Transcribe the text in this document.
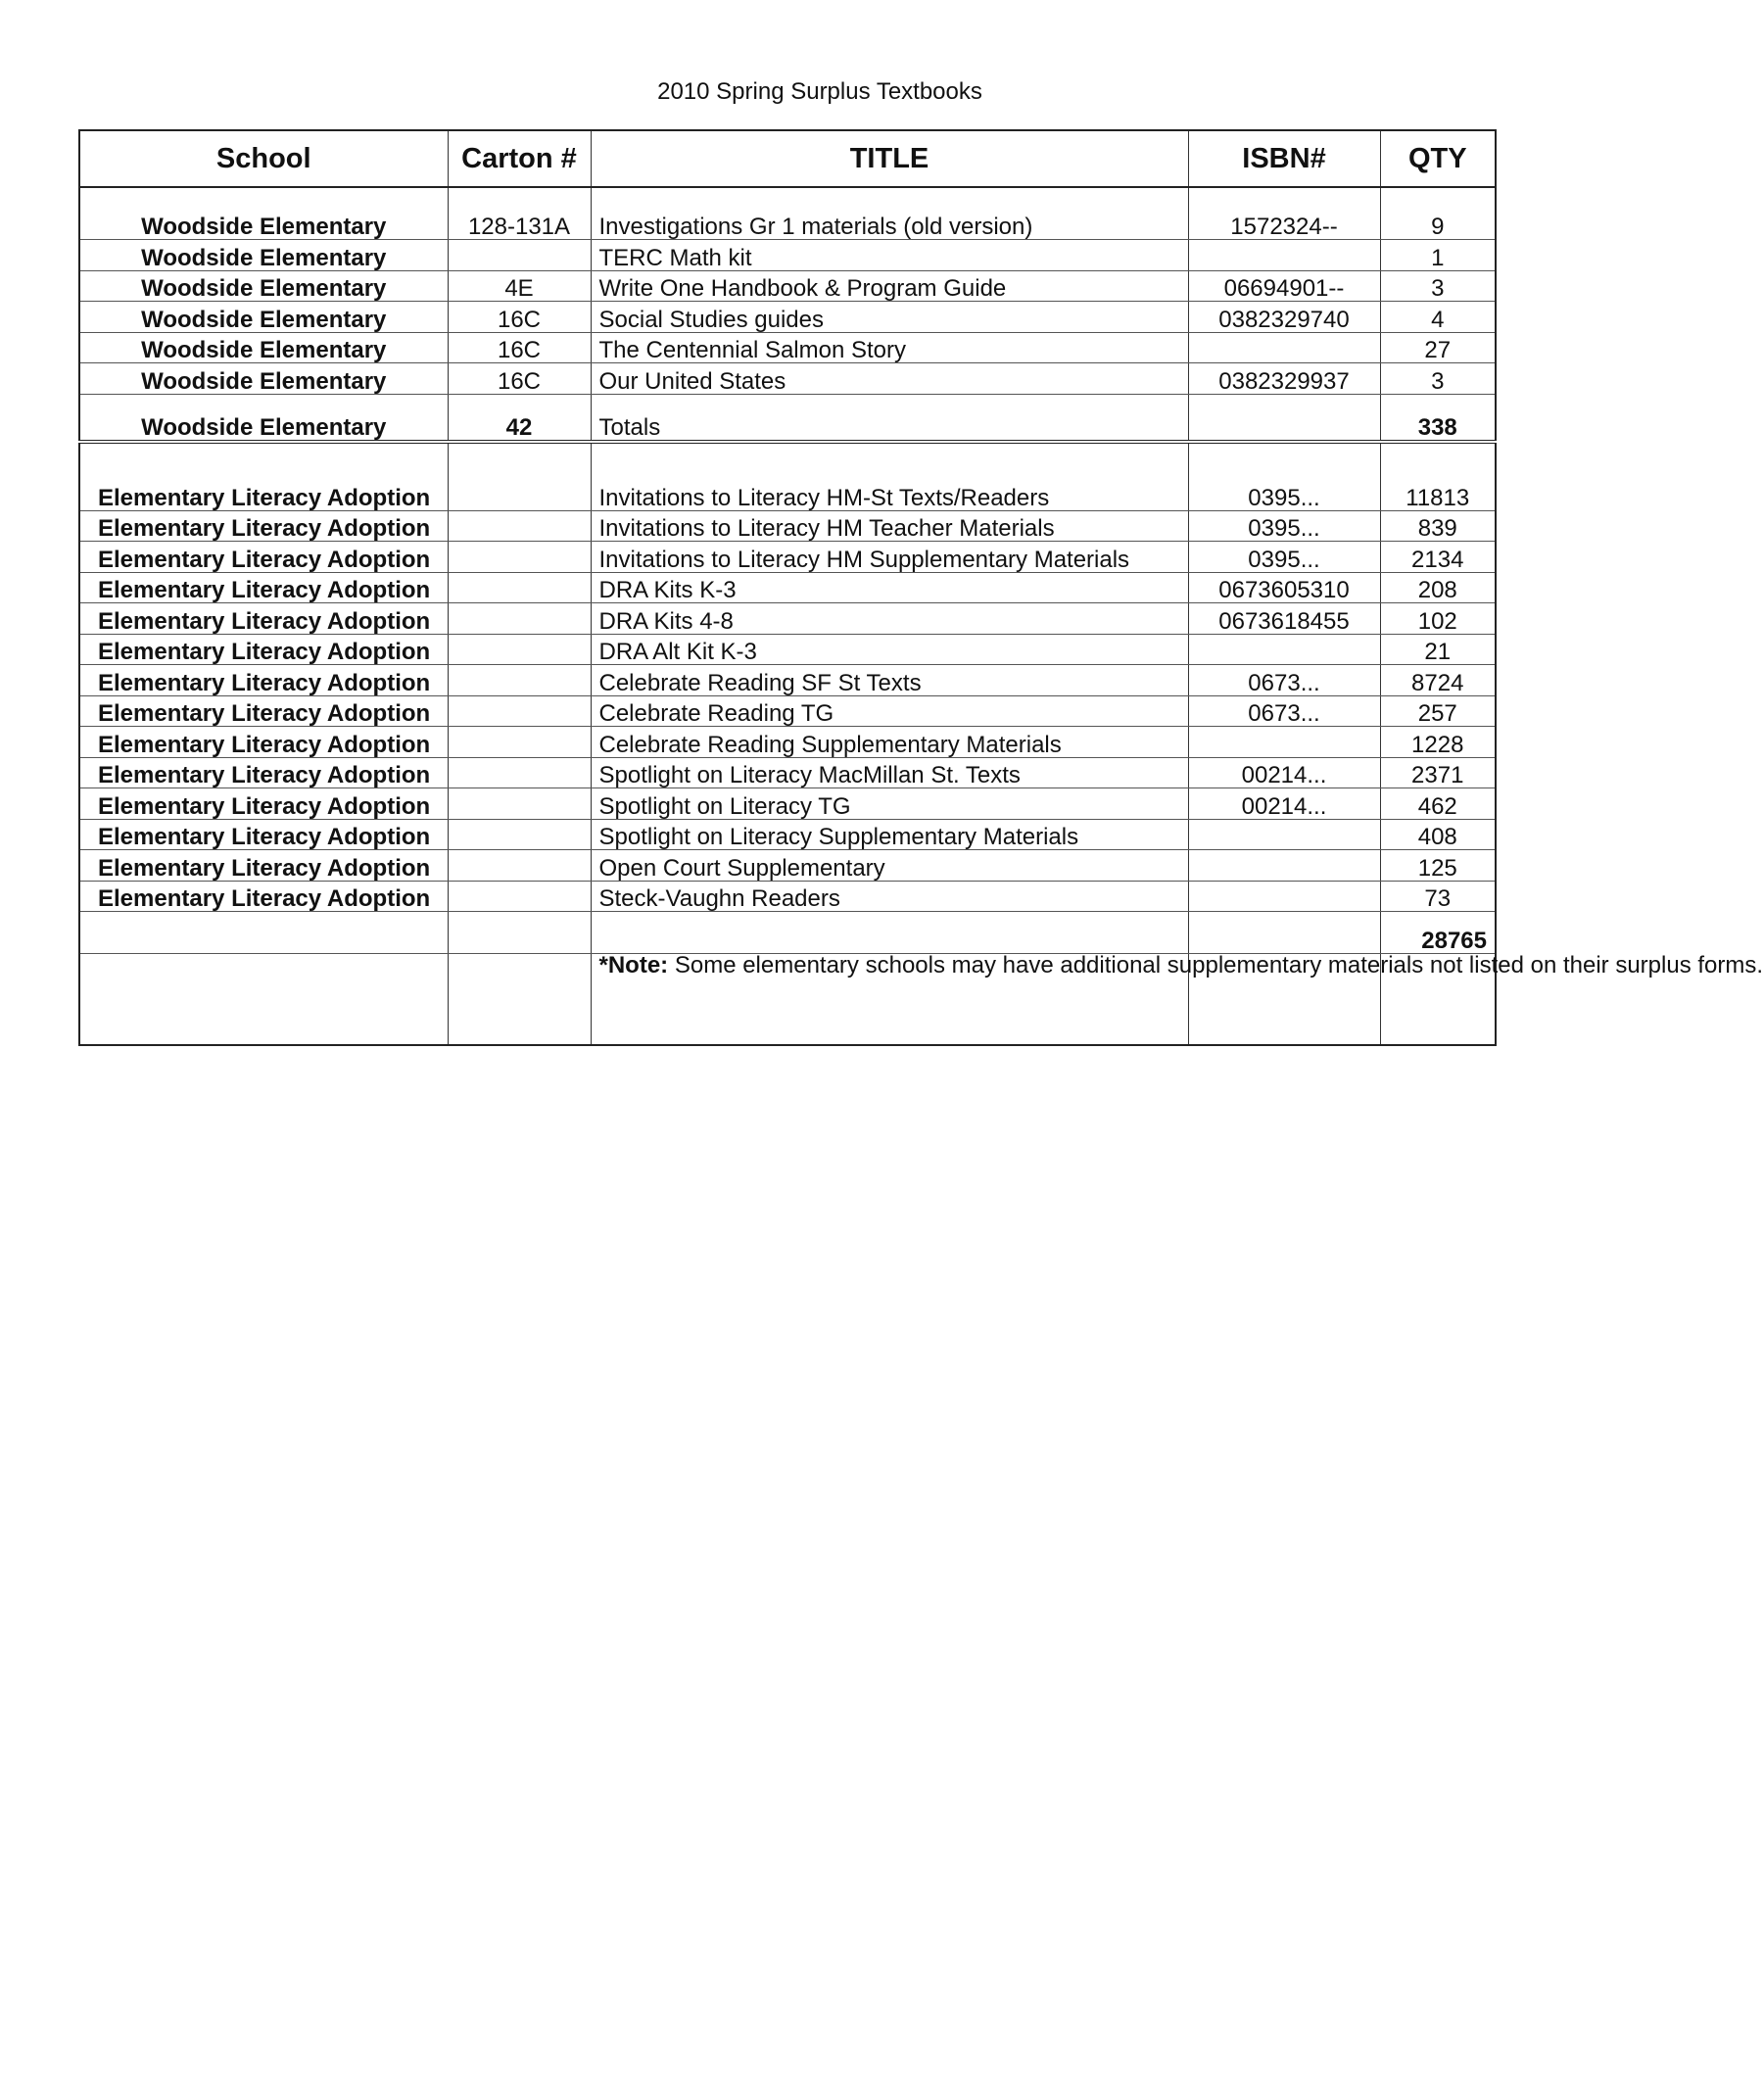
2010 Spring Surplus Textbooks
School	Carton #	TITLE	ISBN#	QTY
Woodside Elementary	128-131A	Investigations Gr 1 materials (old version)	1572324--	9
Woodside Elementary		TERC Math kit		1
Woodside Elementary	4E	Write One Handbook & Program Guide	06694901--	3
Woodside Elementary	16C	Social Studies guides	0382329740	4
Woodside Elementary	16C	The Centennial Salmon Story		27
Woodside Elementary	16C	Our United States	0382329937	3
Woodside Elementary	42	Totals		338
Elementary Literacy Adoption		Invitations to Literacy HM-St Texts/Readers	0395...	11813
Elementary Literacy Adoption		Invitations to Literacy HM Teacher Materials	0395...	839
Elementary Literacy Adoption		Invitations to Literacy HM Supplementary Materials	0395...	2134
Elementary Literacy Adoption		DRA Kits K-3	0673605310	208
Elementary Literacy Adoption		DRA Kits 4-8	0673618455	102
Elementary Literacy Adoption		DRA Alt Kit K-3		21
Elementary Literacy Adoption		Celebrate Reading SF St Texts	0673...	8724
Elementary Literacy Adoption		Celebrate Reading TG	0673...	257
Elementary Literacy Adoption		Celebrate Reading Supplementary Materials		1228
Elementary Literacy Adoption		Spotlight on Literacy MacMillan St. Texts	00214...	2371
Elementary Literacy Adoption		Spotlight on Literacy TG	00214...	462
Elementary Literacy Adoption		Spotlight on Literacy Supplementary Materials		408
Elementary Literacy Adoption		Open Court Supplementary		125
Elementary Literacy Adoption		Steck-Vaughn Readers		73
				28765
		*Note: Some elementary schools may have additional supplementary materials not listed on their surplus forms.		
